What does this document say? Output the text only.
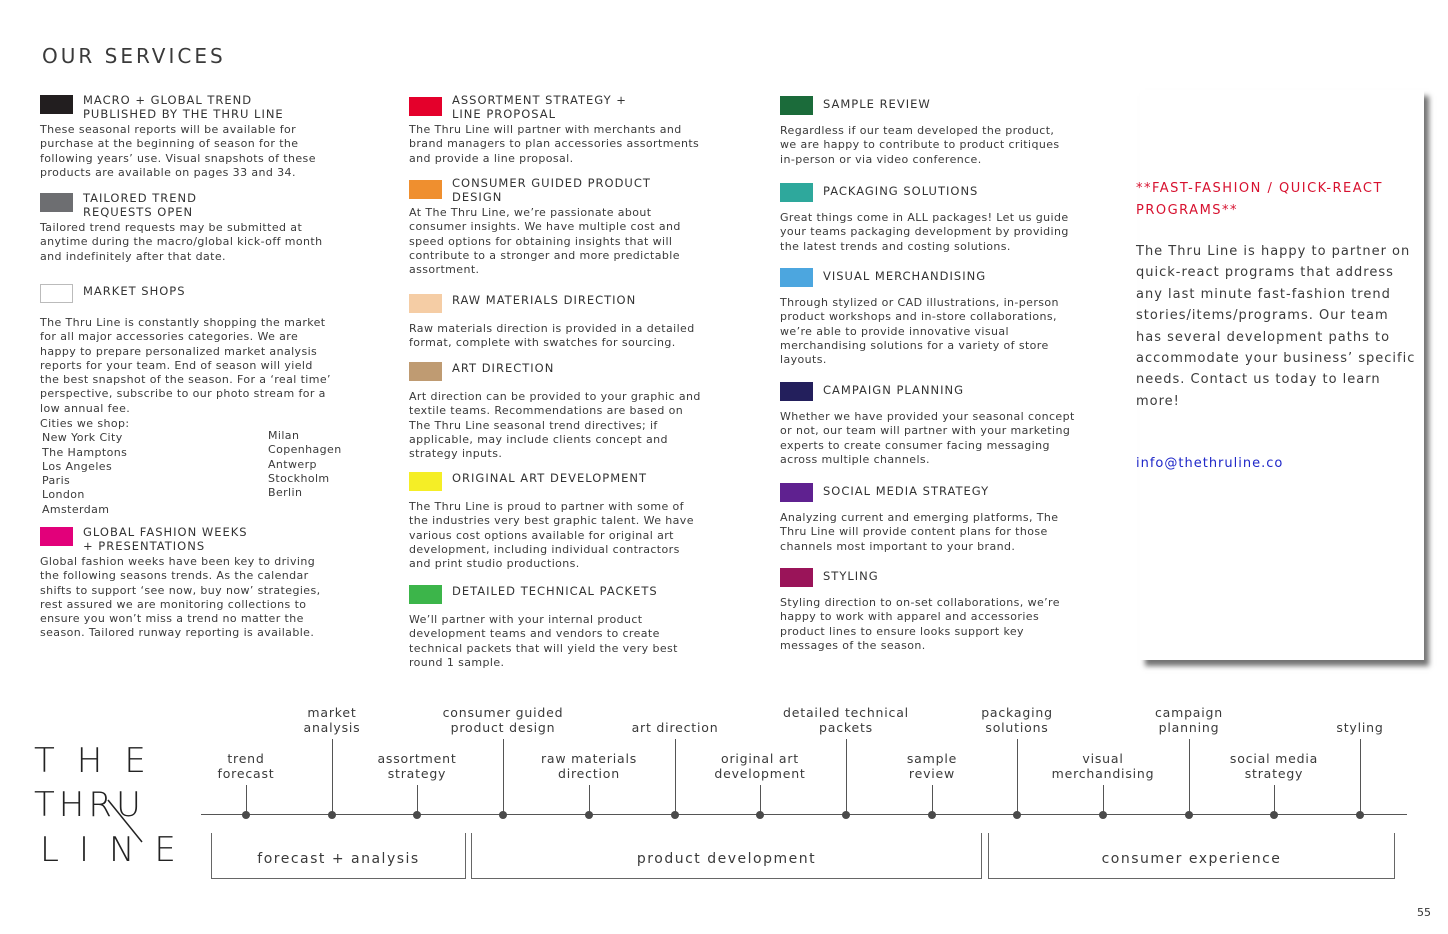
OUR SERVICES
MACRO + GLOBAL TREND
PUBLISHED BY THE THRU LINE
These seasonal reports will be available for
purchase at the beginning of season for the
following years’ use. Visual snapshots of these
products are available on pages 33 and 34.
TAILORED TREND
REQUESTS OPEN
Tailored trend requests may be submitted at
anytime during the macro/global kick-off month
and indefinitely after that date.
MARKET SHOPS
The Thru Line is constantly shopping the market
for all major accessories categories. We are
happy to prepare personalized market analysis
reports for your team. End of season will yield
the best snapshot of the season. For a ‘real time’
perspective, subscribe to our photo stream for a
low annual fee.
Cities we shop:
New York City
The Hamptons
Los Angeles
Paris
London
Amsterdam
Milan
Copenhagen
Antwerp
Stockholm
Berlin
GLOBAL FASHION WEEKS
+ PRESENTATIONS
Global fashion weeks have been key to driving
the following seasons trends. As the calendar
shifts to support ‘see now, buy now’ strategies,
rest assured we are monitoring collections to
ensure you won’t miss a trend no matter the
season. Tailored runway reporting is available.
ASSORTMENT STRATEGY +
LINE PROPOSAL
The Thru Line will partner with merchants and
brand managers to plan accessories assortments
and provide a line proposal.
CONSUMER GUIDED PRODUCT
DESIGN
At The Thru Line, we’re passionate about
consumer insights. We have multiple cost and
speed options for obtaining insights that will
contribute to a stronger and more predictable
assortment.
RAW MATERIALS DIRECTION
Raw materials direction is provided in a detailed
format, complete with swatches for sourcing.
ART DIRECTION
Art direction can be provided to your graphic and
textile teams. Recommendations are based on
The Thru Line seasonal trend directives; if
applicable, may include clients concept and
strategy inputs.
ORIGINAL ART DEVELOPMENT
The Thru Line is proud to partner with some of
the industries very best graphic talent. We have
various cost options available for original art
development, including individual contractors
and print studio productions.
DETAILED TECHNICAL PACKETS
We’ll partner with your internal product
development teams and vendors to create
technical packets that will yield the very best
round 1 sample.
SAMPLE REVIEW
Regardless if our team developed the product,
we are happy to contribute to product critiques
in-person or via video conference.
PACKAGING SOLUTIONS
Great things come in ALL packages! Let us guide
your teams packaging development by providing
the latest trends and costing solutions.
VISUAL MERCHANDISING
Through stylized or CAD illustrations, in-person
product workshops and in-store collaborations,
we’re able to provide innovative visual
merchandising solutions for a variety of store
layouts.
CAMPAIGN PLANNING
Whether we have provided your seasonal concept
or not, our team will partner with your marketing
experts to create consumer facing messaging
across multiple channels.
SOCIAL MEDIA STRATEGY
Analyzing current and emerging platforms, The
Thru Line will provide content plans for those
channels most important to your brand.
STYLING
Styling direction to on-set collaborations, we’re
happy to work with apparel and accessories
product lines to ensure looks support key
messages of the season.
**FAST-FASHION / QUICK-REACT PROGRAMS**
The Thru Line is happy to partner on quick-react programs that address any last minute fast-fashion trend stories/items/programs. Our team has several development paths to accommodate your business’ specific needs. Contact us today to learn more!
info@thethruline.co
THE
THRU
LINE
trend
forecast
market
analysis
assortment
strategy
consumer guided
product design
raw materials
direction
art direction
original art
development
detailed technical
packets
sample
review
packaging
solutions
visual
merchandising
campaign
planning
social media
strategy
styling
forecast + analysis	product development	consumer experience
55
